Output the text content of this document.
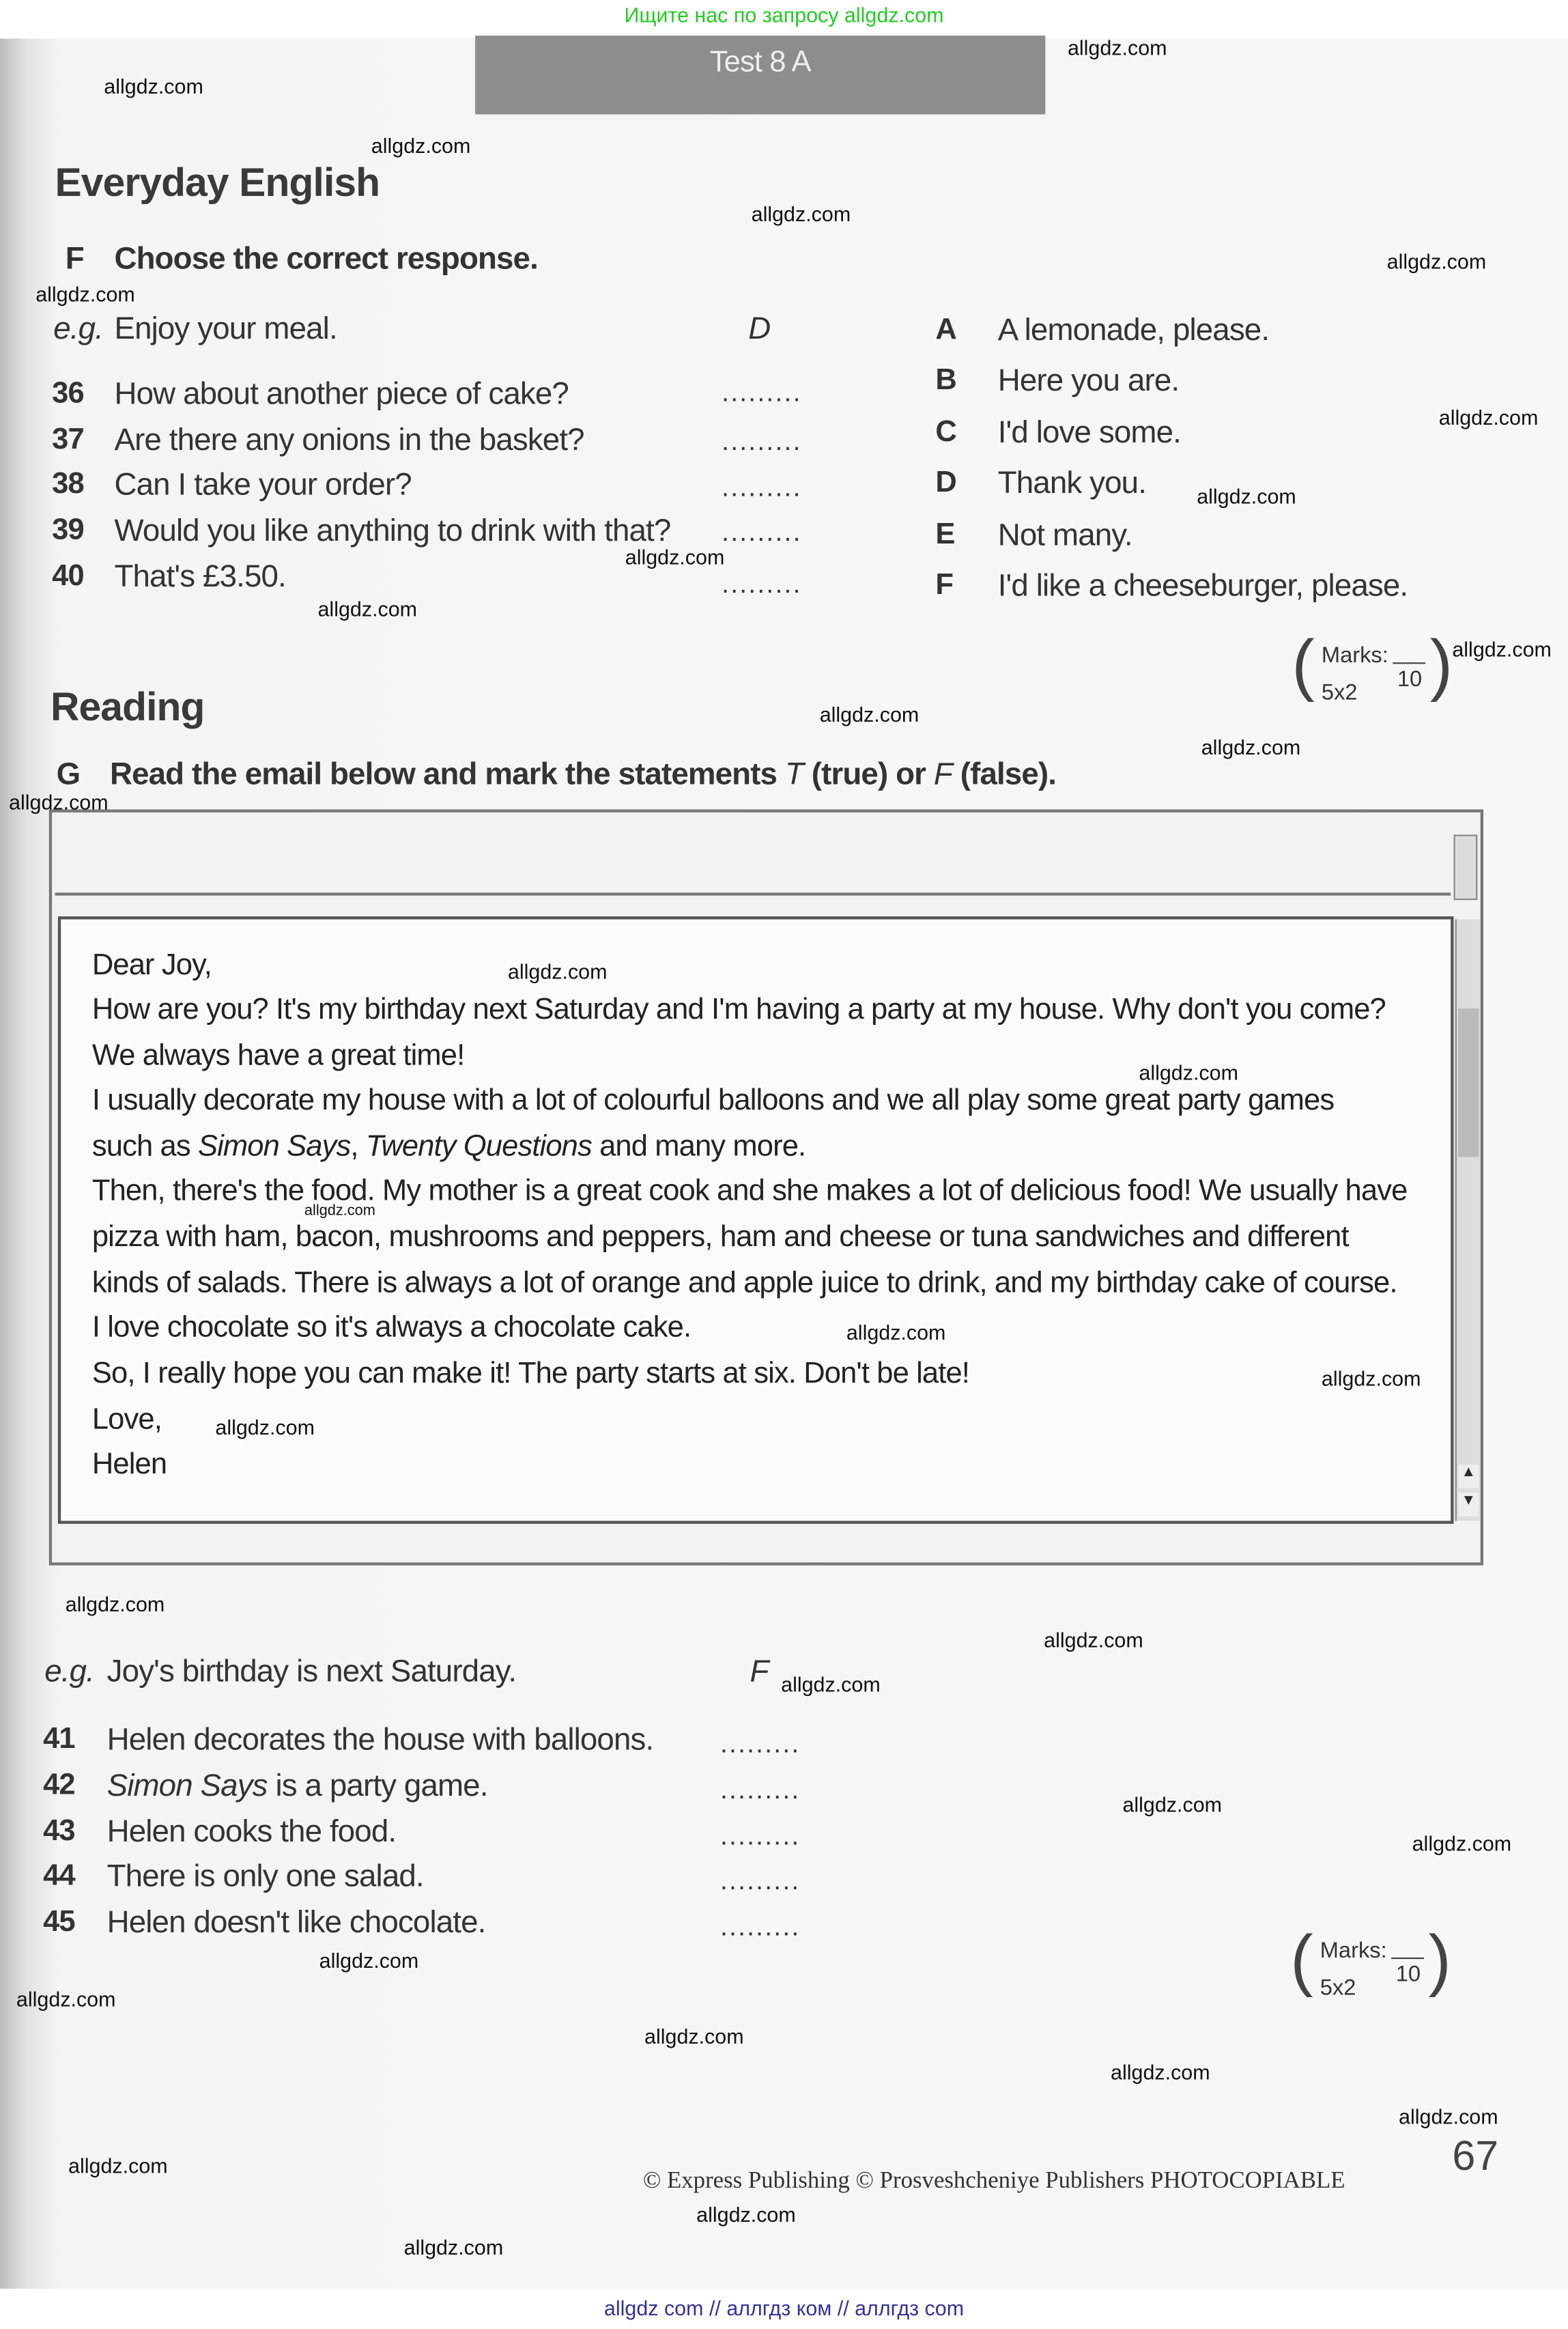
Ищите нас по запросу allgdz.com
Test 8 A
Everyday English
F Choose the correct response.
e.g. Enjoy your meal.	D
36 How about another piece of cake?	.........
37 Are there any onions in the basket?	.........
38 Can I take your order?	.........
39 Would you like anything to drink with that?	.........
40 That's £3.50.	.........
A	A lemonade, please.
B	Here you are.
C	I'd love some.
D	Thank you.
E	Not many.
F	I'd like a cheeseburger, please.
( Marks:
5x2
10 )
Reading
G Read the email below and mark the statements T (true) or F (false).
▲
▼
Dear Joy,
How are you? It's my birthday next Saturday and I'm having a party at my house. Why don't you come?
We always have a great time!
I usually decorate my house with a lot of colourful balloons and we all play some great party games
such as Simon Says, Twenty Questions and many more.
Then, there's the food. My mother is a great cook and she makes a lot of delicious food! We usually have
pizza with ham, bacon, mushrooms and peppers, ham and cheese or tuna sandwiches and different
kinds of salads. There is always a lot of orange and apple juice to drink, and my birthday cake of course.
I love chocolate so it's always a chocolate cake.
So, I really hope you can make it! The party starts at six. Don't be late!
Love,
Helen
e.g. Joy's birthday is next Saturday.	F
41 Helen decorates the house with balloons.	.........
42 Simon Says is a party game.	.........
43 Helen cooks the food.	.........
44 There is only one salad.	.........
45 Helen doesn't like chocolate.	.........	( Marks:
5x2
10 )
© Express Publishing © Prosveshcheniye Publishers PHOTOCOPIABLE
67
allgdz com // аллгдз ком // аллгдз com
allgdz.com
allgdz.com
allgdz.com
allgdz.com
allgdz.com
allgdz.com
allgdz.com
allgdz.com
allgdz.com
allgdz.com
allgdz.com
allgdz.com
allgdz.com
allgdz.com
allgdz.com
allgdz.com
allgdz.com
allgdz.com
allgdz.com
allgdz.com
allgdz.com
allgdz.com
allgdz.com
allgdz.com
allgdz.com
allgdz.com
allgdz.com
allgdz.com
allgdz.com
allgdz.com
allgdz.com
allgdz.com
allgdz.com
